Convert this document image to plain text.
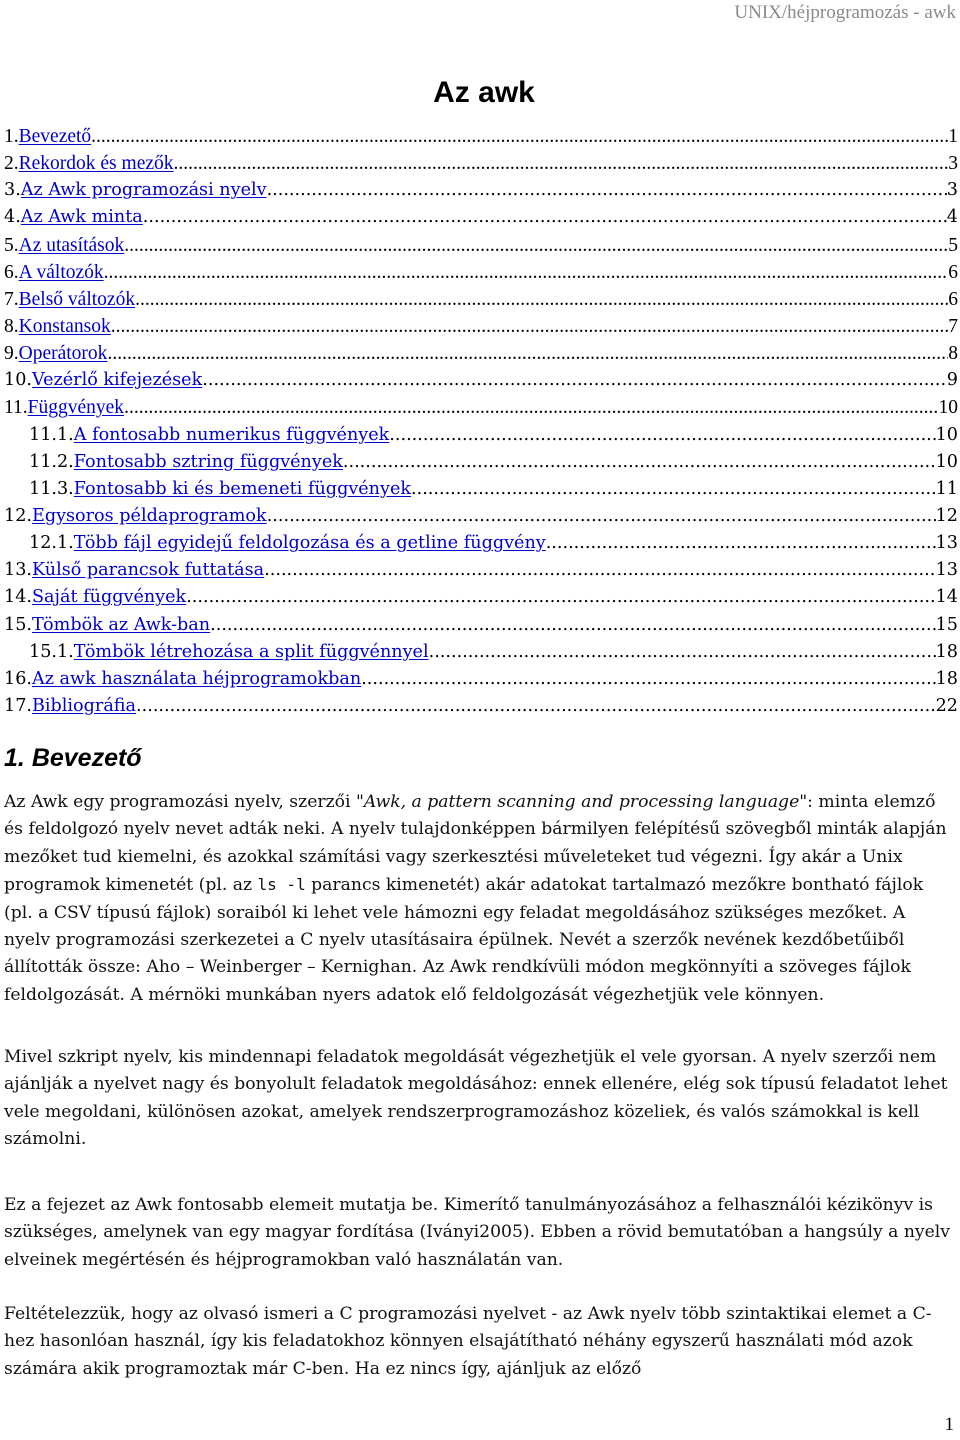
UNIX/héjprogramozás - awk
Az awk
1. Bevezető .....	1
2. Rekordok és mezők .....	3
3. Az Awk programozási nyelv .....	3
4. Az Awk minta .....	4
5. Az utasítások .....	5
6. A változók .....	6
7. Belső változók .....	6
8. Konstansok .....	7
9. Operátorok .....	8
10. Vezérlő kifejezések .....	9
11. Függvények .....	10
11.1. A fontosabb numerikus függvények .....	10
11.2. Fontosabb sztring függvények .....	10
11.3. Fontosabb ki és bemeneti függvények .....	11
12. Egysoros példaprogramok .....	12
12.1. Több fájl egyidejű feldolgozása és a getline függvény .....	13
13. Külső parancsok futtatása .....	13
14. Saját függvények .....	14
15. Tömbök az Awk-ban .....	15
15.1. Tömbök létrehozása a split függvénnyel .....	18
16. Az awk használata héjprogramokban .....	18
17. Bibliográfia .....	22
1. Bevezető

Az Awk egy programozási nyelv, szerzői "Awk, a pattern scanning and processing language": minta elemző és feldolgozó nyelv nevet adták neki. A nyelv tulajdonképpen bármilyen felépítésű szövegből minták alapján mezőket tud kiemelni, és azokkal számítási vagy szerkesztési műveleteket tud végezni. Így akár a Unix programok kimenetét (pl. az ls -l parancs kimenetét) akár adatokat tartalmazó mezőkre bontható fájlok (pl. a CSV típusú fájlok) soraiból ki lehet vele hámozni egy feladat megoldásához szükséges mezőket. A nyelv programozási szerkezetei a C nyelv utasításaira épülnek. Nevét a szerzők nevének kezdőbetűiből állították össze: Aho – Weinberger – Kernighan. Az Awk rendkívüli módon megkönnyíti a szöveges fájlok feldolgozását. A mérnöki munkában nyers adatok elő feldolgozását végezhetjük vele könnyen.

Mivel szkript nyelv, kis mindennapi feladatok megoldását végezhetjük el vele gyorsan. A nyelv szerzői nem ajánlják a nyelvet nagy és bonyolult feladatok megoldásához: ennek ellenére, elég sok típusú feladatot lehet vele megoldani, különösen azokat, amelyek rendszerprogramozáshoz közeliek, és valós számokkal is kell számolni.

Ez a fejezet az Awk fontosabb elemeit mutatja be. Kimerítő tanulmányozásához a felhasználói kézikönyv is szükséges, amelynek van egy magyar fordítása (Iványi2005). Ebben a rövid bemutatóban a hangsúly a nyelv elveinek megértésén és héjprogramokban való használatán van.

Feltételezzük, hogy az olvasó ismeri a C programozási nyelvet - az Awk nyelv több szintaktikai elemet a C-hez hasonlóan használ, így kis feladatokhoz könnyen elsajátítható néhány egyszerű használati mód azok számára akik programoztak már C-ben. Ha ez nincs így, ajánljuk az előző

1
